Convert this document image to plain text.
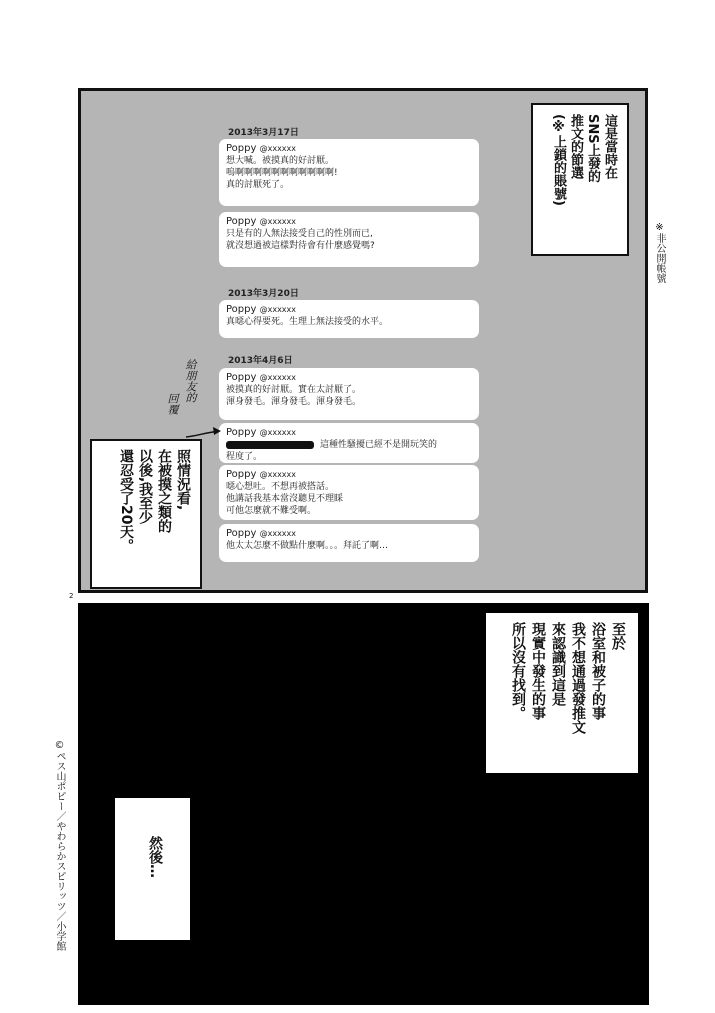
※非公開帳號
2013年3月17日
Poppy @xxxxxx
想大喊。被摸真的好討厭。
嗚啊啊啊啊啊啊啊啊啊啊啊!
真的討厭死了。
Poppy @xxxxxx
只是有的人無法接受自己的性別而已,
就沒想過被這樣對待會有什麼感覺嗎?
2013年3月20日
Poppy @xxxxxx
真噁心得要死。生理上無法接受的水平。
2013年4月6日
Poppy @xxxxxx
被摸真的好討厭。實在太討厭了。
渾身發毛。渾身發毛。渾身發毛。
Poppy @xxxxxx
這種性騷擾已經不是開玩笑的
程度了。
Poppy @xxxxxx
噁心想吐。不想再被搭話。
他講話我基本當沒聽見不理睬
可他怎麼就不難受啊。
Poppy @xxxxxx
他太太怎麼不做點什麼啊。。。拜託了啊…
這是當時在
SNS上發的
推文的節選
(※上鎖的賬號)
給朋友的
回覆
照情況看,
在被摸之類的
以後,我至少
還忍受了20天。
2
©ペス山ポピー／やわらかスピリッツ／小学館
至於
浴室和被子的事
我不想通過發推文
來認識到這是
現實中發生的事
所以沒有找到。
然後…
